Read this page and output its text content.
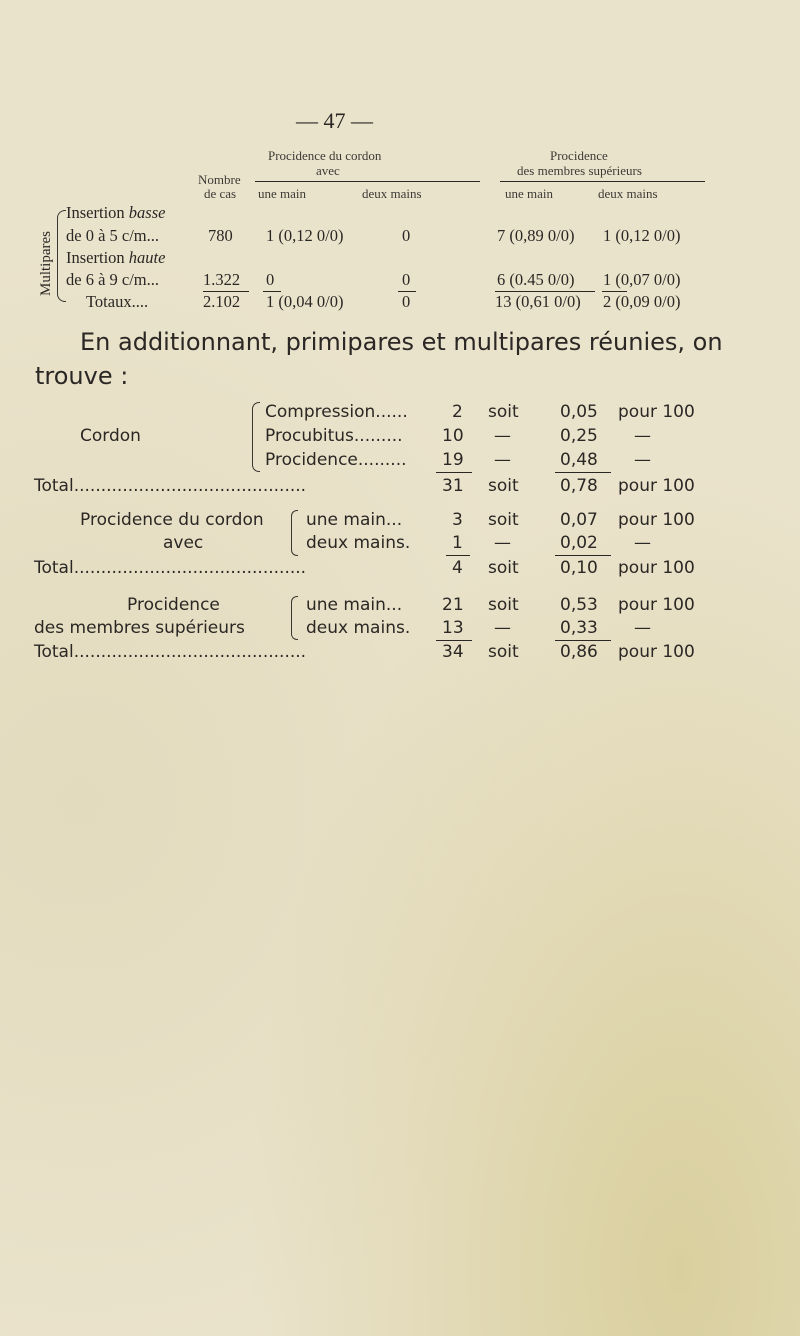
— 47 —
Nombre
de cas
Procidence du cordon
avec
une main	deux mains
Procidence
des membres supérieurs
une main	deux mains
Multipares
Insertion basse
de 0 à 5 c/m...	780 1 (0,12 0/0)	0	7 (0,89 0/0) 1 (0,12 0/0)
Insertion haute
de 6 à 9 c/m...	1.322 0	0	6 (0.45 0/0) 1 (0,07 0/0)
Totaux....	2.102 1 (0,04 0/0)	0	13 (0,61 0/0) 2 (0,09 0/0)
En additionnant, primipares et multipares réunies, on
trouve :
Cordon
Compression......	2 soit 0,05 pour 100
Procubitus......... 10 —	0,25 —
Procidence......... 19 —	0,48 —
Total...........................................	31 soit 0,78 pour 100
Procidence du cordon
avec
une main...	3 soit 0,07 pour 100
deux mains. 1 —	0,02 —
Total...........................................	4 soit 0,10 pour 100
Procidence
des membres supérieurs
une main... 21 soit 0,53 pour 100
deux mains. 13 —	0,33 —
Total...........................................	34 soit 0,86 pour 100
